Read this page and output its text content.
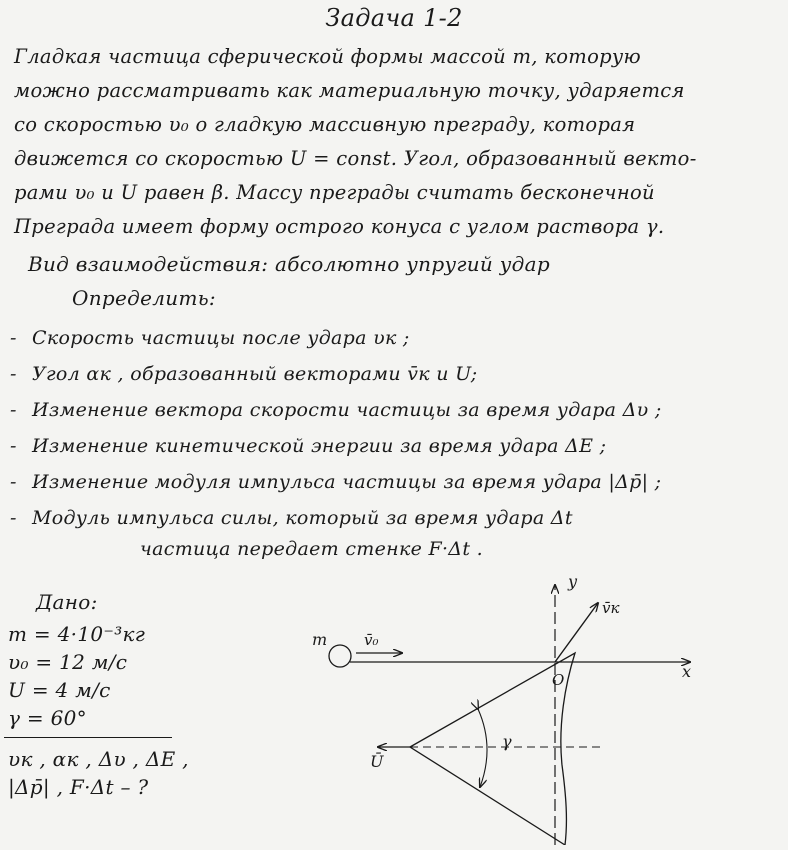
Задача 1-2
Гладкая частица сферической формы массой m, которую
можно рассматривать как материальную точку, ударяется
со скоростью υ₀ о гладкую массивную преграду, которая
движется со скоростью U = const. Угол, образованный векто-
рами υ₀ и U равен β. Массу преграды считать бесконечной
Преграда имеет форму острого конуса с углом раствора γ.
Вид взаимодействия: абсолютно упругий удар
Определить:
- Скорость частицы после удара υк ;
- Угол αк , образованный векторами v̄к и U;
- Изменение вектора скорости частицы за время удара Δυ ;
- Изменение кинетической энергии за время удара ΔE ;
- Изменение модуля импульса частицы за время удара |Δp̄| ;
- Модуль импульса силы, который за время удара Δt
частица передает стенке F·Δt .
Дано:
m = 4·10⁻³кг
υ₀ = 12 м/с
U = 4 м/с
γ = 60°
υк , αк , Δυ , ΔE ,
|Δp̄| , F·Δt – ?
x
y
γ
Ū
m v̄₀
v̄к
O
